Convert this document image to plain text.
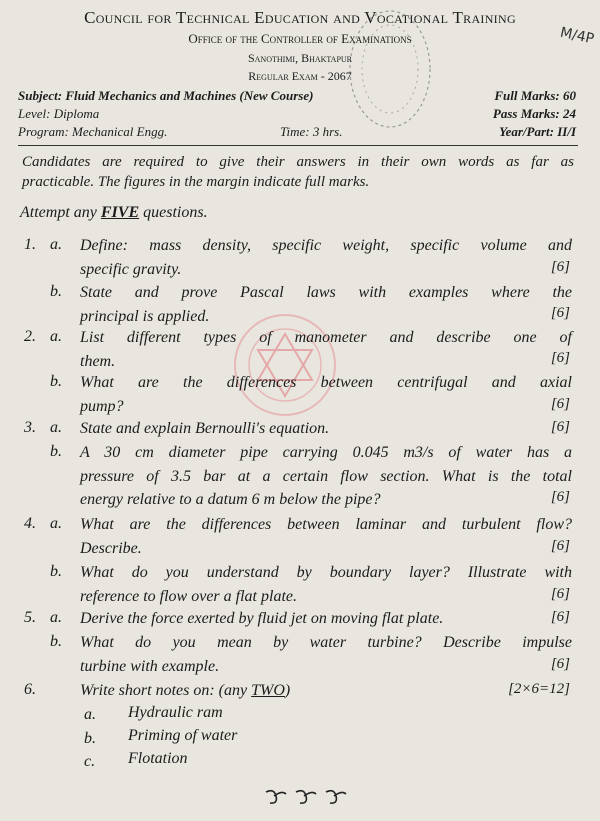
M/4P
Council for Technical Education and Vocational Training
Office of the Controller of Examinations
Sanothimi, Bhaktapur
Regular Exam - 2067
Subject: Fluid Mechanics and Machines (New Course)	Full Marks: 60
Level: Diploma	Pass Marks: 24
Program: Mechanical Engg.	Time: 3 hrs.	Year/Part: II/I
Candidates are required to give their answers in their own words as far as
practicable. The figures in the margin indicate full marks.
Attempt any FIVE questions.
1. a. Define: mass density, specific weight, specific volume and
specific gravity.	[6]
b. State and prove Pascal laws with examples where the
principal is applied.	[6]
2. a. List different types of manometer and describe one of
them.	[6]
b. What are the differences between centrifugal and axial
pump?	[6]
3. a. State and explain Bernoulli's equation.	[6]
b. A 30 cm diameter pipe carrying 0.045 m3/s of water has a
pressure of 3.5 bar at a certain flow section. What is the total
energy relative to a datum 6 m below the pipe?	[6]
4. a. What are the differences between laminar and turbulent flow?
Describe.	[6]
b. What do you understand by boundary layer? Illustrate with
reference to flow over a flat plate.	[6]
5. a. Derive the force exerted by fluid jet on moving flat plate.	[6]
b. What do you mean by water turbine? Describe impulse
turbine with example.	[6]
6.	Write short notes on: (any TWO)	[2×6=12]
a. Hydraulic ram
b. Priming of water
c. Flotation
